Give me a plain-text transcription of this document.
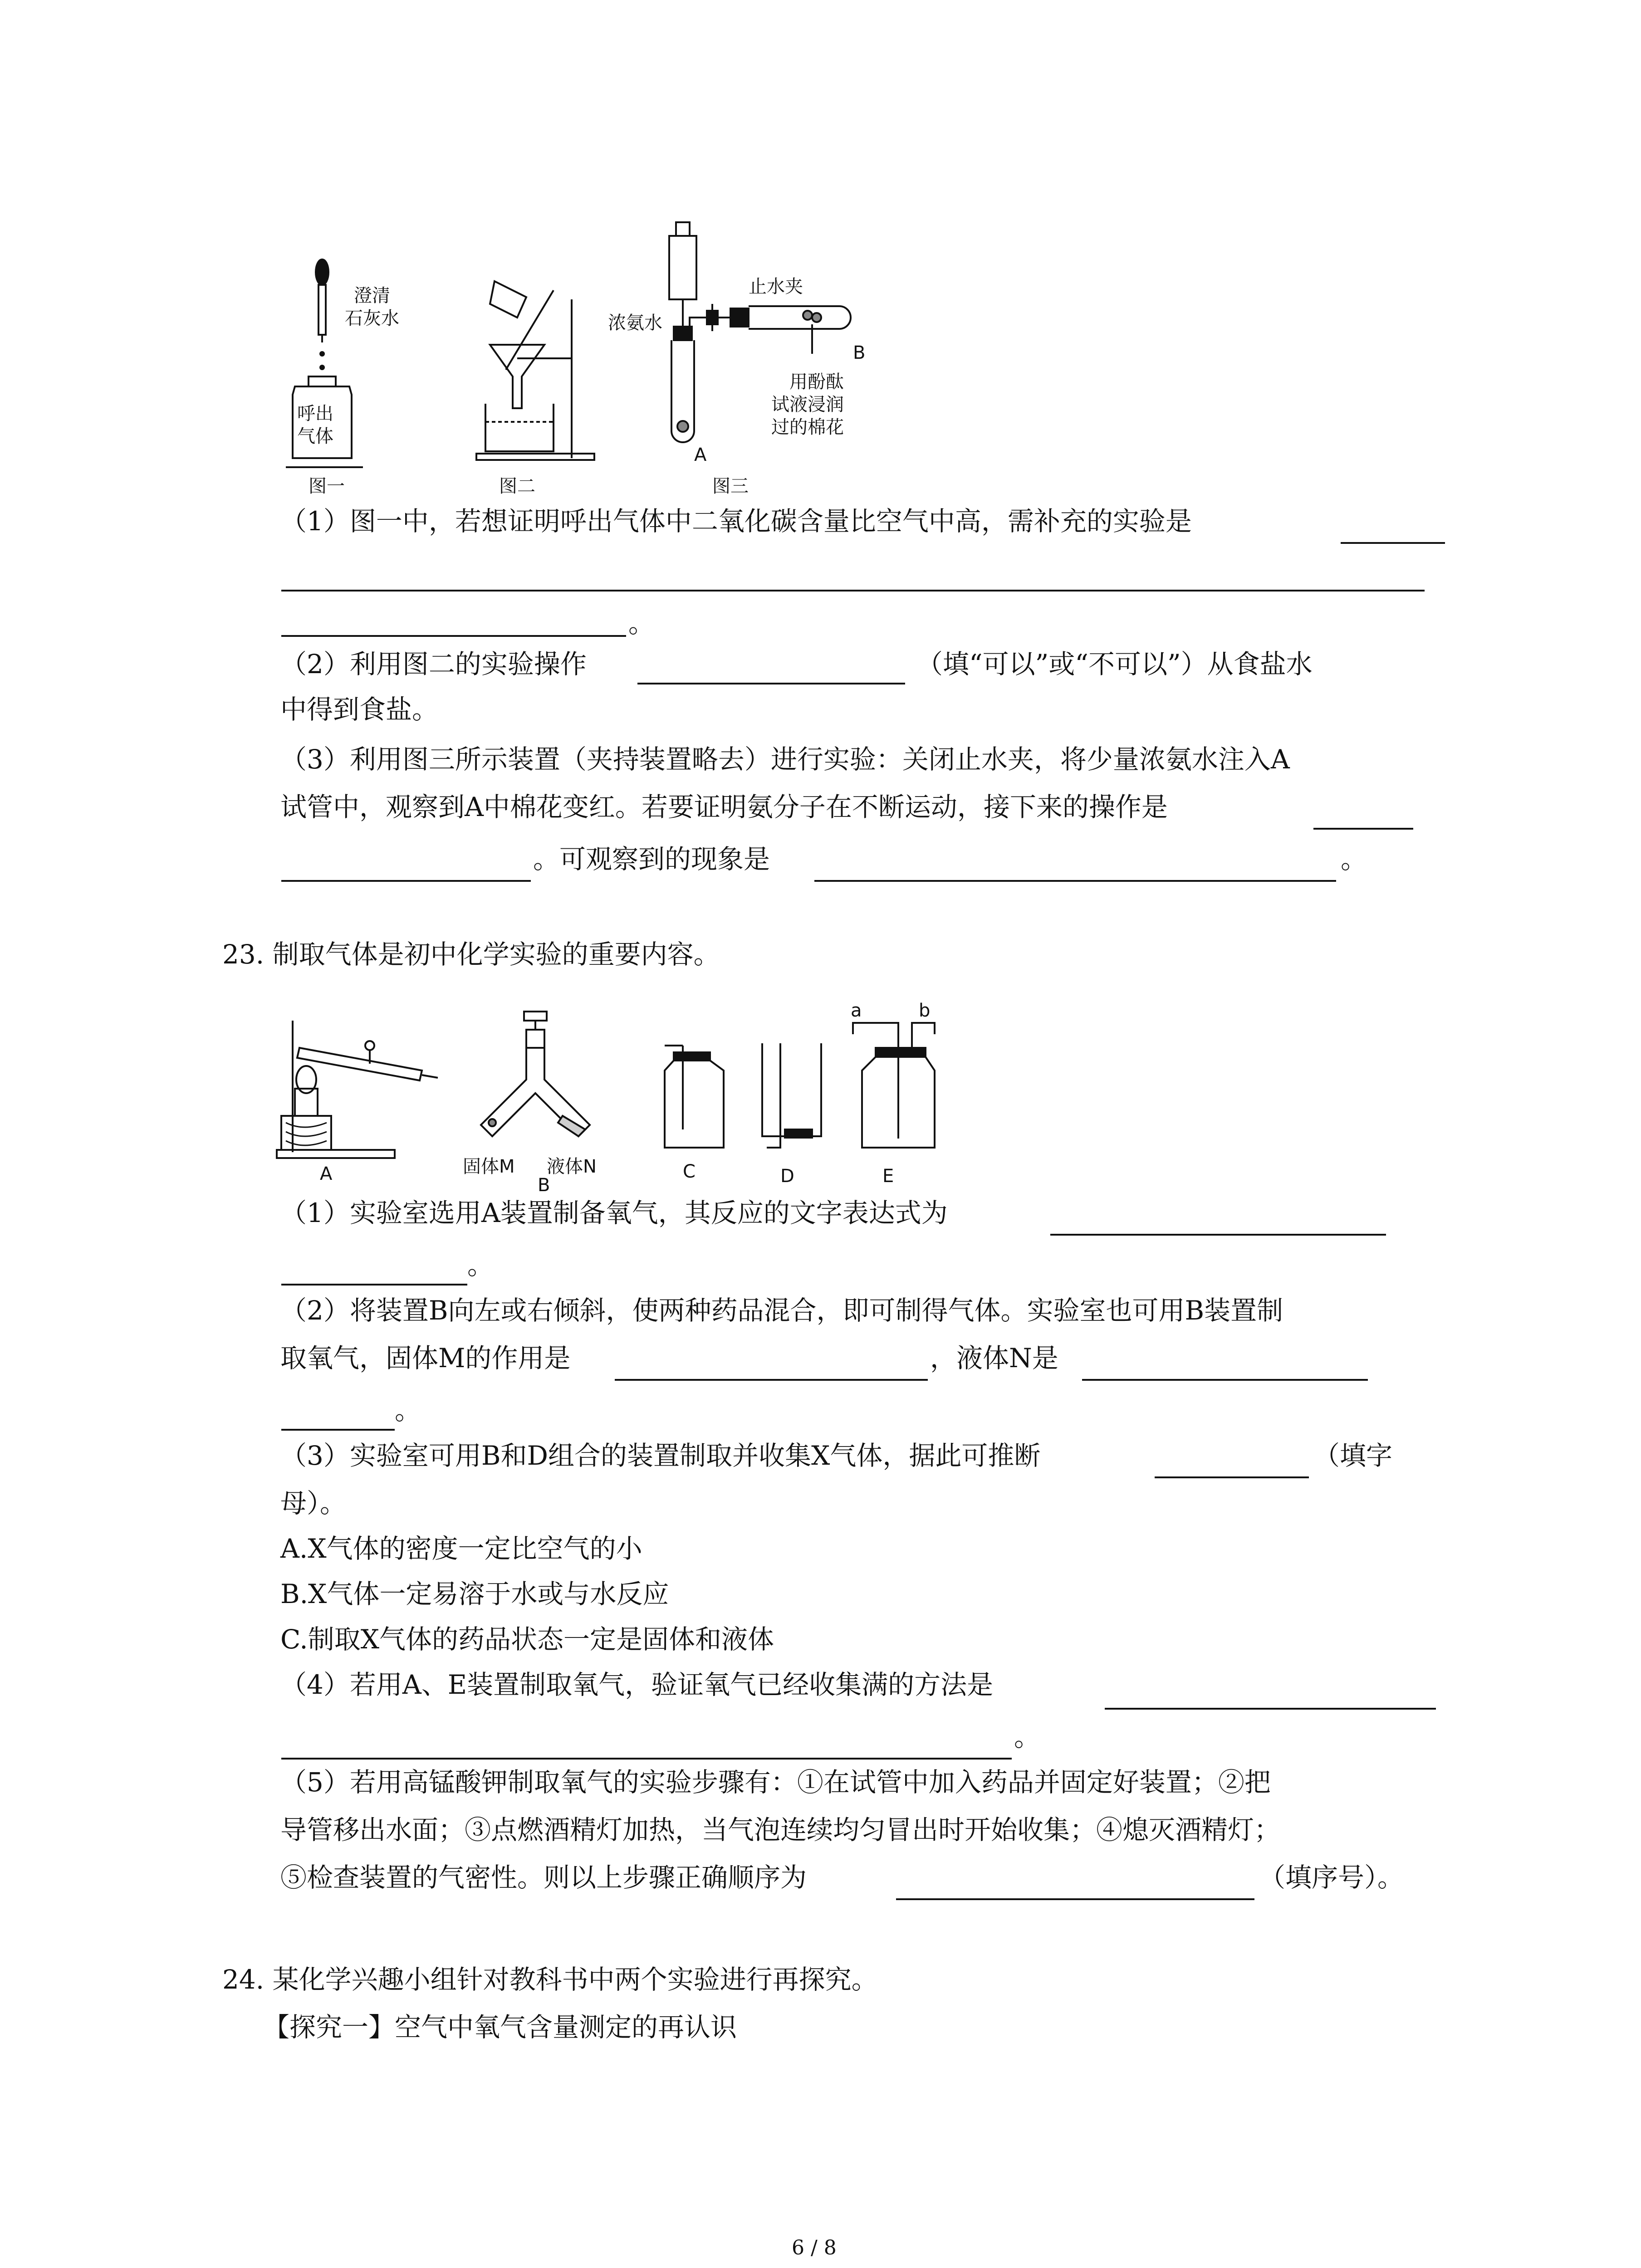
澄清
石灰水
呼出
气体
图一	图二
止水夹
浓氨水
B
用酚酞
试液浸润
过的棉花
A
图三
（1）图一中，若想证明呼出气体中二氧化碳含量比空气中高，需补充的实验是
。
（2）利用图二的实验操作	（填“可以”或“不可以”）从食盐水
中得到食盐。
（3）利用图三所示装置（夹持装置略去）进行实验：关闭止水夹，将少量浓氨水注入A
试管中，观察到A中棉花变红。若要证明氨分子在不断运动，接下来的操作是
。可观察到的现象是	。
23. 制取气体是初中化学实验的重要内容。
A	固体M 液体N
B
C	D
a	b
E
（1）实验室选用A装置制备氧气，其反应的文字表达式为
。
（2）将装置B向左或右倾斜，使两种药品混合，即可制得气体。实验室也可用B装置制
取氧气，固体M的作用是	，液体N是
。
（3）实验室可用B和D组合的装置制取并收集X气体，据此可推断	（填字
母）。
A.X气体的密度一定比空气的小
B.X气体一定易溶于水或与水反应
C.制取X气体的药品状态一定是固体和液体
（4）若用A、E装置制取氧气，验证氧气已经收集满的方法是
。
（5）若用高锰酸钾制取氧气的实验步骤有：①在试管中加入药品并固定好装置；②把
导管移出水面；③点燃酒精灯加热，当气泡连续均匀冒出时开始收集；④熄灭酒精灯；
⑤检查装置的气密性。则以上步骤正确顺序为	（填序号）。
24. 某化学兴趣小组针对教科书中两个实验进行再探究。
【探究一】空气中氧气含量测定的再认识
6 / 8
